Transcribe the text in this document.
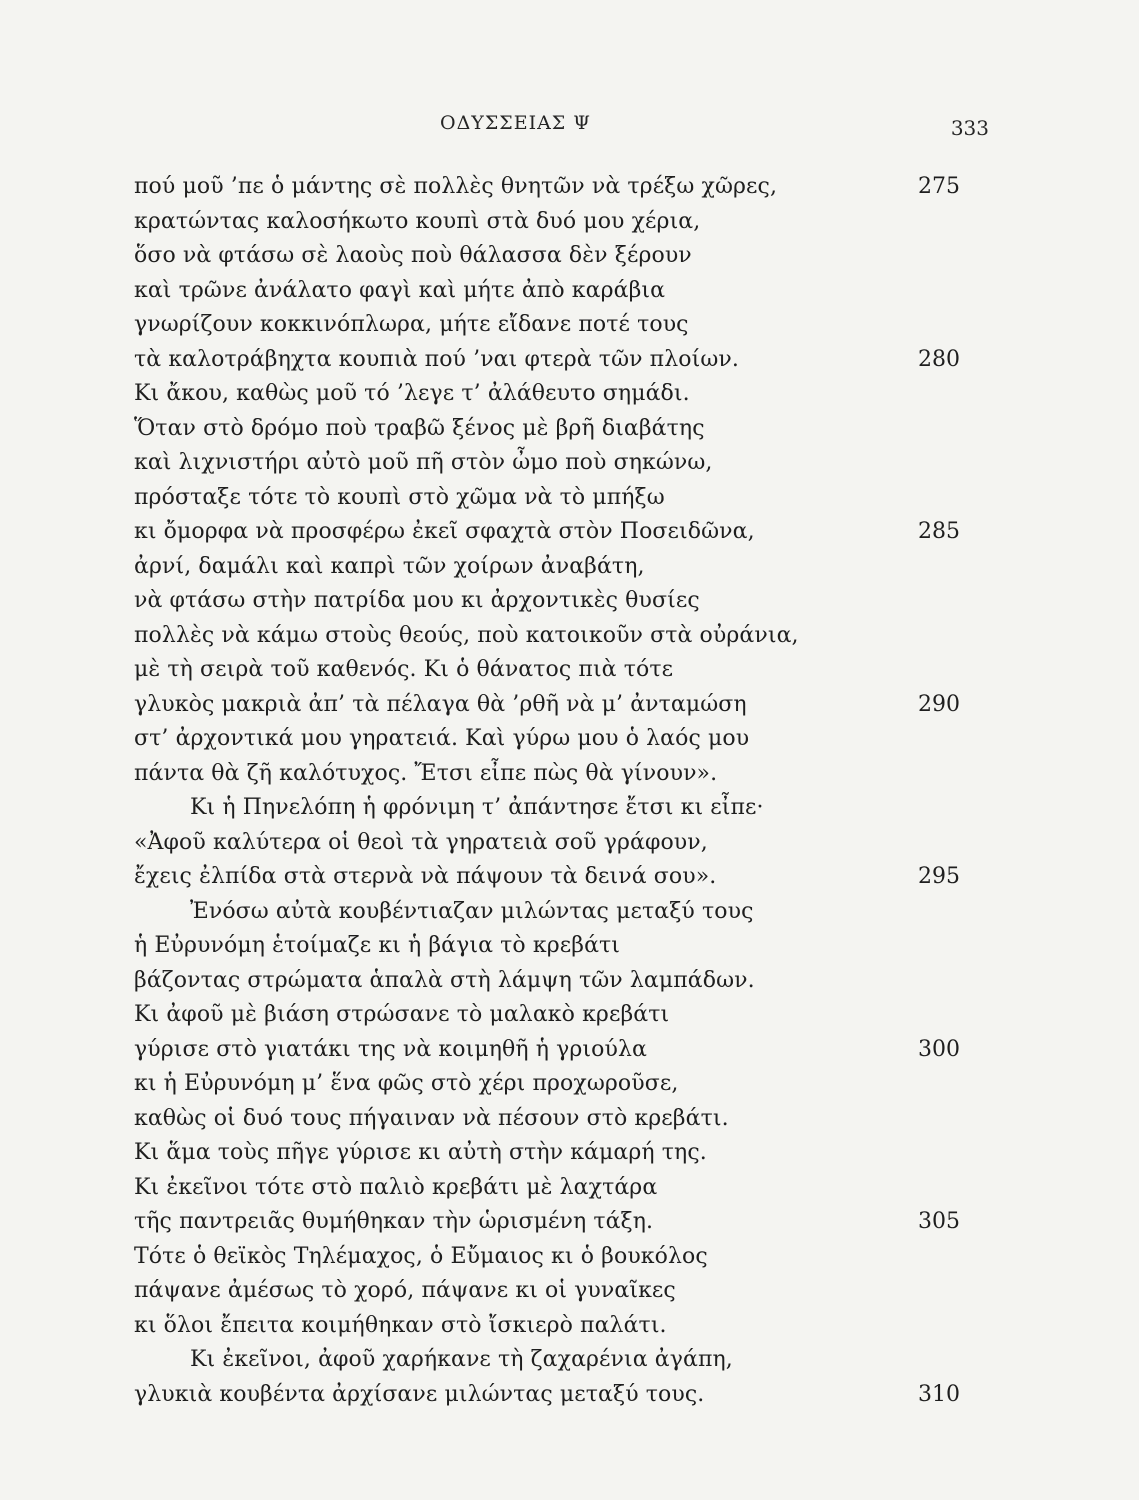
ΟΔΥΣΣΕΙΑΣ Ψ	333
πού μοῦ ’πε ὁ μάντης σὲ πολλὲς θνητῶν νὰ τρέξω χῶρες,	275
κρατώντας καλοσήκωτο κουπὶ στὰ δυό μου χέρια,
ὅσο νὰ φτάσω σὲ λαοὺς ποὺ θάλασσα δὲν ξέρουν
καὶ τρῶνε ἀνάλατο φαγὶ καὶ μήτε ἀπὸ καράβια
γνωρίζουν κοκκινόπλωρα, μήτε εἴδανε ποτέ τους
τὰ καλοτράβηχτα κουπιὰ πού ’ναι φτερὰ τῶν πλοίων.	280
Κι ἄκου, καθὼς μοῦ τό ’λεγε τ’ ἀλάθευτο σημάδι.
Ὅταν στὸ δρόμο ποὺ τραβῶ ξένος μὲ βρῆ διαβάτης
καὶ λιχνιστήρι αὐτὸ μοῦ πῆ στὸν ὦμο ποὺ σηκώνω,
πρόσταξε τότε τὸ κουπὶ στὸ χῶμα νὰ τὸ μπήξω
κι ὄμορφα νὰ προσφέρω ἐκεῖ σφαχτὰ στὸν Ποσειδῶνα,	285
ἀρνί, δαμάλι καὶ καπρὶ τῶν χοίρων ἀναβάτη,
νὰ φτάσω στὴν πατρίδα μου κι ἀρχοντικὲς θυσίες
πολλὲς νὰ κάμω στοὺς θεούς, ποὺ κατοικοῦν στὰ οὐράνια,
μὲ τὴ σειρὰ τοῦ καθενός. Κι ὁ θάνατος πιὰ τότε
γλυκὸς μακριὰ ἀπ’ τὰ πέλαγα θὰ ’ρθῆ νὰ μ’ ἀνταμώση	290
στ’ ἀρχοντικά μου γηρατειά. Καὶ γύρω μου ὁ λαός μου
πάντα θὰ ζῆ καλότυχος. Ἔτσι εἶπε πὼς θὰ γίνουν».
Κι ἡ Πηνελόπη ἡ φρόνιμη τ’ ἀπάντησε ἔτσι κι εἶπε·
«Ἀφοῦ καλύτερα οἱ θεοὶ τὰ γηρατειὰ σοῦ γράφουν,
ἔχεις ἐλπίδα στὰ στερνὰ νὰ πάψουν τὰ δεινά σου».	295
Ἐνόσω αὐτὰ κουβέντιαζαν μιλώντας μεταξύ τους
ἡ Εὐρυνόμη ἑτοίμαζε κι ἡ βάγια τὸ κρεβάτι
βάζοντας στρώματα ἁπαλὰ στὴ λάμψη τῶν λαμπάδων.
Κι ἀφοῦ μὲ βιάση στρώσανε τὸ μαλακὸ κρεβάτι
γύρισε στὸ γιατάκι της νὰ κοιμηθῆ ἡ γριούλα	300
κι ἡ Εὐρυνόμη μ’ ἕνα φῶς στὸ χέρι προχωροῦσε,
καθὼς οἱ δυό τους πήγαιναν νὰ πέσουν στὸ κρεβάτι.
Κι ἅμα τοὺς πῆγε γύρισε κι αὐτὴ στὴν κάμαρή της.
Κι ἐκεῖνοι τότε στὸ παλιὸ κρεβάτι μὲ λαχτάρα
τῆς παντρειᾶς θυμήθηκαν τὴν ὡρισμένη τάξη.	305
Τότε ὁ θεϊκὸς Τηλέμαχος, ὁ Εὔμαιος κι ὁ βουκόλος
πάψανε ἀμέσως τὸ χορό, πάψανε κι οἱ γυναῖκες
κι ὅλοι ἔπειτα κοιμήθηκαν στὸ ἴσκιερὸ παλάτι.
Κι ἐκεῖνοι, ἀφοῦ χαρήκανε τὴ ζαχαρένια ἀγάπη,
γλυκιὰ κουβέντα ἀρχίσανε μιλώντας μεταξύ τους.	310
